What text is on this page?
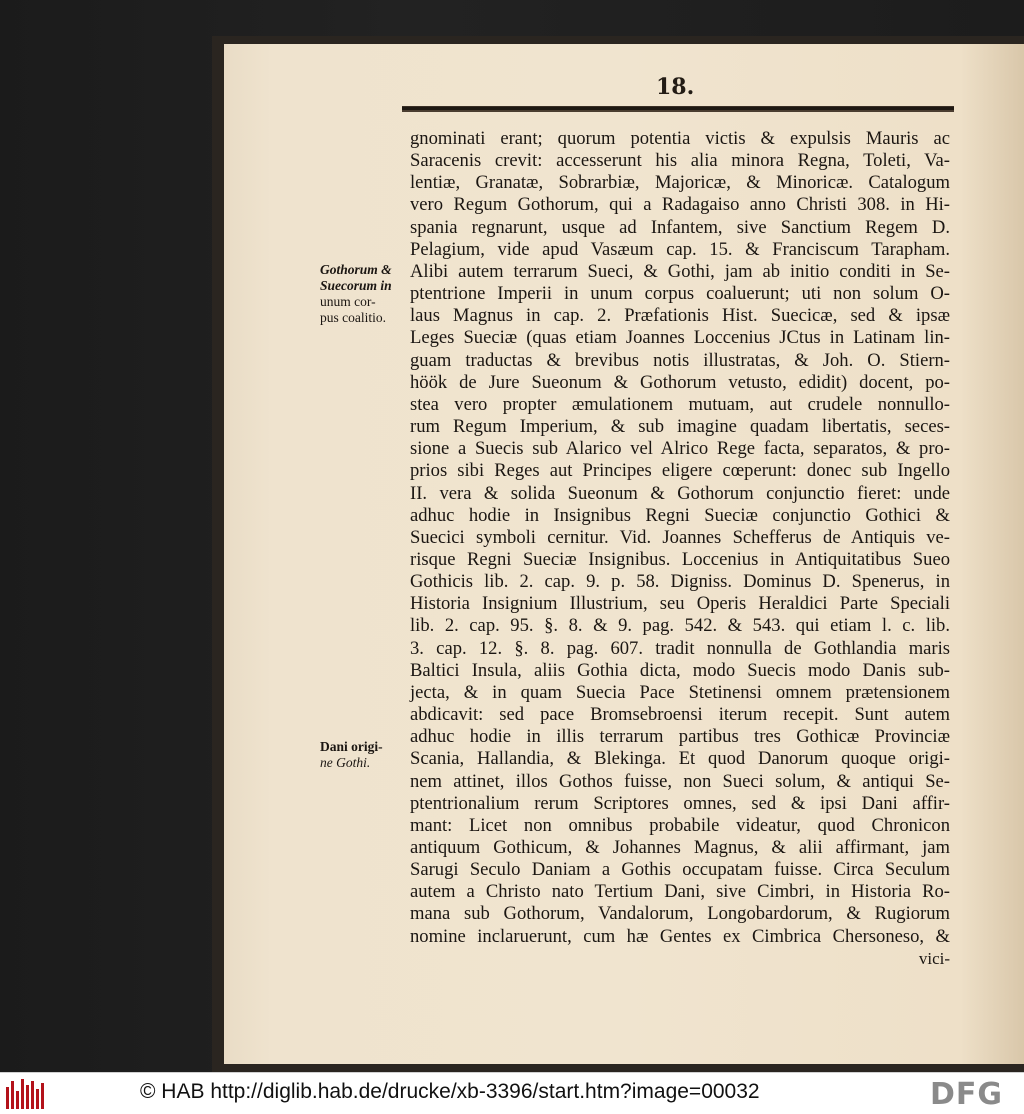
18.
Gothorum &
Suecorum in
unum cor-
pus coalitio.
Dani origi-
ne Gothi.
gnominati erant; quorum potentia victis & expulsis Mauris ac
Saracenis crevit: accesserunt his alia minora Regna, Toleti, Va-
lentiæ, Granatæ, Sobrarbiæ, Majoricæ, & Minoricæ. Catalogum
vero Regum Gothorum, qui a Radagaiso anno Christi 308. in Hi-
spania regnarunt, usque ad Infantem, sive Sanctium Regem D.
Pelagium, vide apud Vasæum cap. 15. & Franciscum Tarapham.
Alibi autem terrarum Sueci, & Gothi, jam ab initio conditi in Se-
ptentrione Imperii in unum corpus coaluerunt; uti non solum O-
laus Magnus in cap. 2. Præfationis Hist. Suecicæ, sed & ipsæ
Leges Sueciæ (quas etiam Joannes Loccenius JCtus in Latinam lin-
guam traductas & brevibus notis illustratas, & Joh. O. Stiern-
höök de Jure Sueonum & Gothorum vetusto, edidit) docent, po-
stea vero propter æmulationem mutuam, aut crudele nonnullo-
rum Regum Imperium, & sub imagine quadam libertatis, seces-
sione a Suecis sub Alarico vel Alrico Rege facta, separatos, & pro-
prios sibi Reges aut Principes eligere cœperunt: donec sub Ingello
II. vera & solida Sueonum & Gothorum conjunctio fieret: unde
adhuc hodie in Insignibus Regni Sueciæ conjunctio Gothici &
Suecici symboli cernitur. Vid. Joannes Schefferus de Antiquis ve-
risque Regni Sueciæ Insignibus. Loccenius in Antiquitatibus Sueo
Gothicis lib. 2. cap. 9. p. 58. Digniss. Dominus D. Spenerus, in
Historia Insignium Illustrium, seu Operis Heraldici Parte Speciali
lib. 2. cap. 95. §. 8. & 9. pag. 542. & 543. qui etiam l. c. lib.
3. cap. 12. §. 8. pag. 607. tradit nonnulla de Gothlandia maris
Baltici Insula, aliis Gothia dicta, modo Suecis modo Danis sub-
jecta, & in quam Suecia Pace Stetinensi omnem prætensionem
abdicavit: sed pace Bromsebroensi iterum recepit. Sunt autem
adhuc hodie in illis terrarum partibus tres Gothicæ Provinciæ
Scania, Hallandia, & Blekinga. Et quod Danorum quoque origi-
nem attinet, illos Gothos fuisse, non Sueci solum, & antiqui Se-
ptentrionalium rerum Scriptores omnes, sed & ipsi Dani affir-
mant: Licet non omnibus probabile videatur, quod Chronicon
antiquum Gothicum, & Johannes Magnus, & alii affirmant, jam
Sarugi Seculo Daniam a Gothis occupatam fuisse. Circa Seculum
autem a Christo nato Tertium Dani, sive Cimbri, in Historia Ro-
mana sub Gothorum, Vandalorum, Longobardorum, & Rugiorum
nomine inclaruerunt, cum hæ Gentes ex Cimbrica Chersoneso, &
vici-
© HAB http://diglib.hab.de/drucke/xb-3396/start.htm?image=00032	DFG
